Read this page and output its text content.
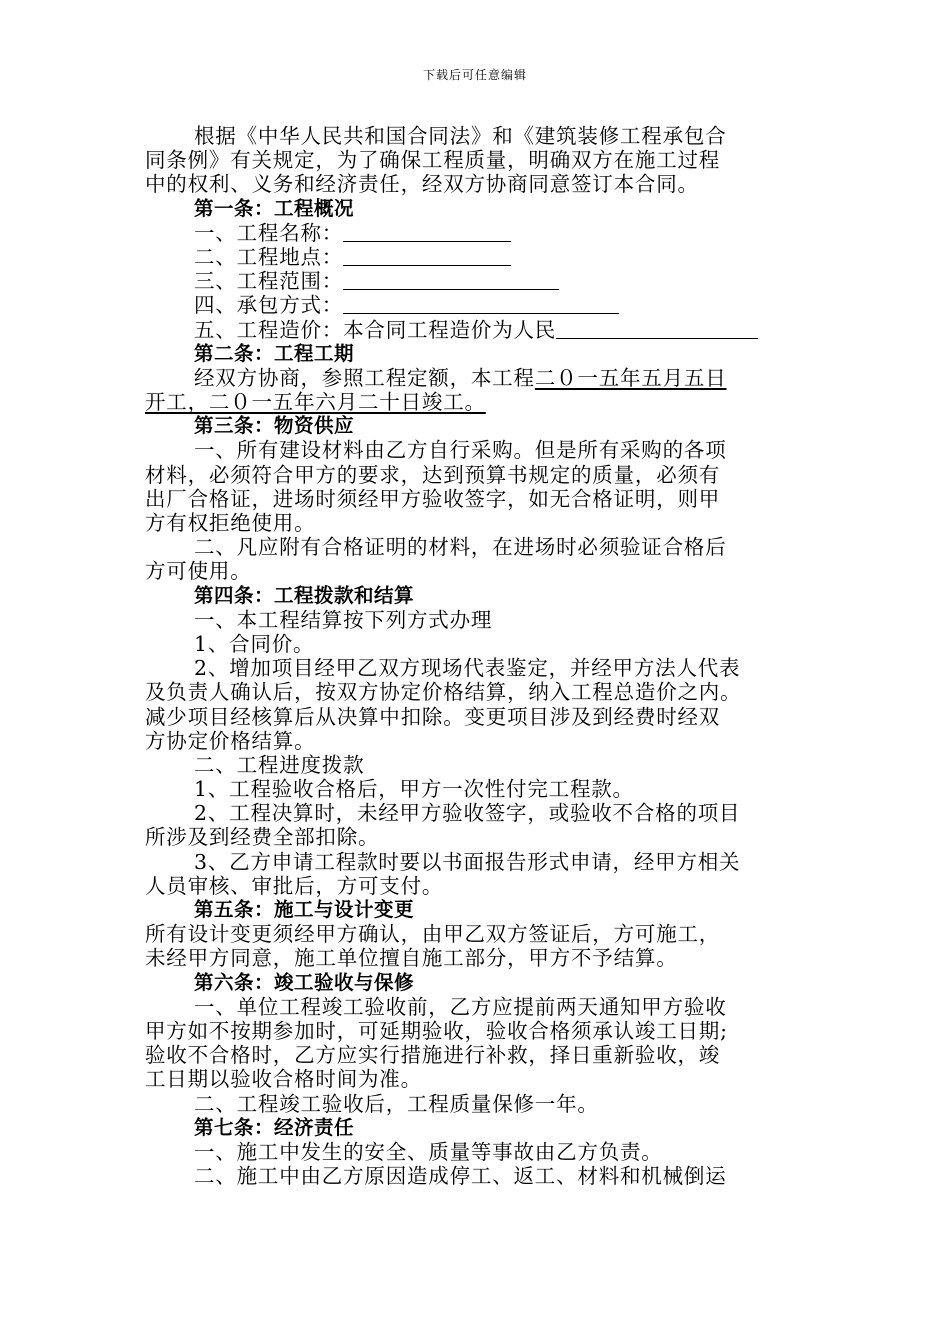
下载后可任意编辑
根据《中华人民共和国合同法》和《建筑装修工程承包合
同条例》有关规定，为了确保工程质量，明确双方在施工过程
中的权利、义务和经济责任，经双方协商同意签订本合同。
第一条：工程概况
一、工程名称：
二、工程地点：
三、工程范围：
四、承包方式：
五、工程造价：本合同工程造价为人民
第二条：工程工期
经双方协商，参照工程定额，本工程二０一五年五月五日
开工，二０一五年六月二十日竣工。
第三条：物资供应
一、所有建设材料由乙方自行采购。但是所有采购的各项
材料，必须符合甲方的要求，达到预算书规定的质量，必须有
出厂合格证，进场时须经甲方验收签字，如无合格证明，则甲
方有权拒绝使用。
二、凡应附有合格证明的材料，在进场时必须验证合格后
方可使用。
第四条：工程拨款和结算
一、本工程结算按下列方式办理
1、合同价。
2、增加项目经甲乙双方现场代表鉴定，并经甲方法人代表
及负责人确认后，按双方协定价格结算，纳入工程总造价之内。
减少项目经核算后从决算中扣除。变更项目涉及到经费时经双
方协定价格结算。
二、工程进度拨款
1、工程验收合格后，甲方一次性付完工程款。
2、工程决算时，未经甲方验收签字，或验收不合格的项目
所涉及到经费全部扣除。
3、乙方申请工程款时要以书面报告形式申请，经甲方相关
人员审核、审批后，方可支付。
第五条：施工与设计变更
所有设计变更须经甲方确认，由甲乙双方签证后，方可施工，
未经甲方同意，施工单位擅自施工部分，甲方不予结算。
第六条：竣工验收与保修
一、单位工程竣工验收前，乙方应提前两天通知甲方验收
甲方如不按期参加时，可延期验收，验收合格须承认竣工日期;
验收不合格时，乙方应实行措施进行补救，择日重新验收，竣
工日期以验收合格时间为准。
二、工程竣工验收后，工程质量保修一年。
第七条：经济责任
一、施工中发生的安全、质量等事故由乙方负责。
二、施工中由乙方原因造成停工、返工、材料和机械倒运
